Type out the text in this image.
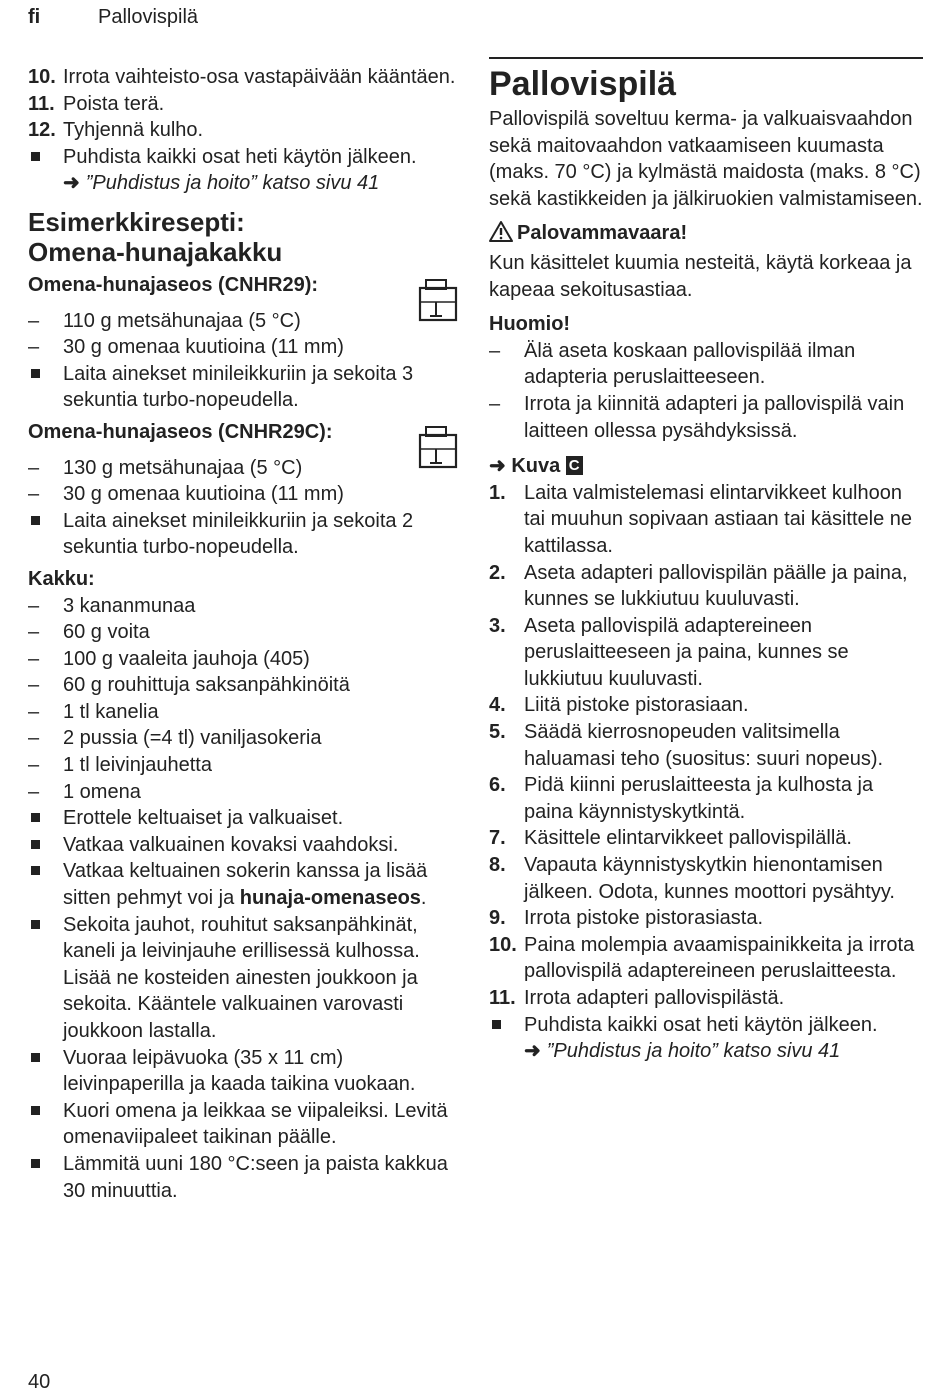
fi	Pallovispilä
10. Irrota vaihteisto-osa vastapäivään kääntäen.
11. Poista terä.
12. Tyhjennä kulho.
Puhdista kaikki osat heti käytön jälkeen.
➜ ”Puhdistus ja hoito” katso sivu 41
Esimerkkiresepti:
Omena-hunajakakku
Omena-hunajaseos (CNHR29):
–	110 g metsähunajaa (5 °C)
–	30 g omenaa kuutioina (11 mm)
Laita ainekset minileikkuriin ja sekoita 3 sekuntia turbo-nopeudella.
Omena-hunajaseos (CNHR29C):
–	130 g metsähunajaa (5 °C)
–	30 g omenaa kuutioina (11 mm)
Laita ainekset minileikkuriin ja sekoita 2 sekuntia turbo-nopeudella.
Kakku:
–	3 kananmunaa
–	60 g voita
–	100 g vaaleita jauhoja (405)
–	60 g rouhittuja saksanpähkinöitä
–	1 tl kanelia
–	2 pussia (=4 tl) vaniljasokeria
–	1 tl leivinjauhetta
–	1 omena
Erottele keltuaiset ja valkuaiset.
Vatkaa valkuainen kovaksi vaahdoksi.
Vatkaa keltuainen sokerin kanssa ja lisää sitten pehmyt voi ja hunaja-omenaseos.
Sekoita jauhot, rouhitut saksanpähkinät, kaneli ja leivinjauhe erillisessä kulhossa. Lisää ne kosteiden ainesten joukkoon ja sekoita. Kääntele valkuainen varovasti joukkoon lastalla.
Vuoraa leipävuoka (35 x 11 cm) leivinpaperilla ja kaada taikina vuokaan.
Kuori omena ja leikkaa se viipaleiksi. Levitä omenaviipaleet taikinan päälle.
Lämmitä uuni 180 °C:seen ja paista kakkua 30 minuuttia.
Pallovispilä
Pallovispilä soveltuu kerma- ja valkuaisvaahdon sekä maitovaahdon vatkaamiseen kuumasta (maks. 70 °C) ja kylmästä maidosta (maks. 8 °C) sekä kastikkeiden ja jälkiruokien valmistamiseen.
Palovammavaara!
Kun käsittelet kuumia nesteitä, käytä korkeaa ja kapeaa sekoitusastiaa.
Huomio!
–	Älä aseta koskaan pallovispilää ilman adapteria peruslaitteeseen.
–	Irrota ja kiinnitä adapteri ja pallovispilä vain laitteen ollessa pysähdyksissä.
➜ Kuva C
1. Laita valmistelemasi elintarvikkeet kulhoon tai muuhun sopivaan astiaan tai käsittele ne kattilassa.
2. Aseta adapteri pallovispilän päälle ja paina, kunnes se lukkiutuu kuuluvasti.
3. Aseta pallovispilä adaptereineen peruslaitteeseen ja paina, kunnes se lukkiutuu kuuluvasti.
4. Liitä pistoke pistorasiaan.
5. Säädä kierrosnopeuden valitsimella haluamasi teho (suositus: suuri nopeus).
6. Pidä kiinni peruslaitteesta ja kulhosta ja paina käynnistyskytkintä.
7. Käsittele elintarvikkeet pallovispilällä.
8. Vapauta käynnistyskytkin hienontamisen jälkeen. Odota, kunnes moottori pysähtyy.
9. Irrota pistoke pistorasiasta.
10. Paina molempia avaamispainikkeita ja irrota pallovispilä adaptereineen peruslaitteesta.
11. Irrota adapteri pallovispilästä.
Puhdista kaikki osat heti käytön jälkeen.
➜ ”Puhdistus ja hoito” katso sivu 41
40
